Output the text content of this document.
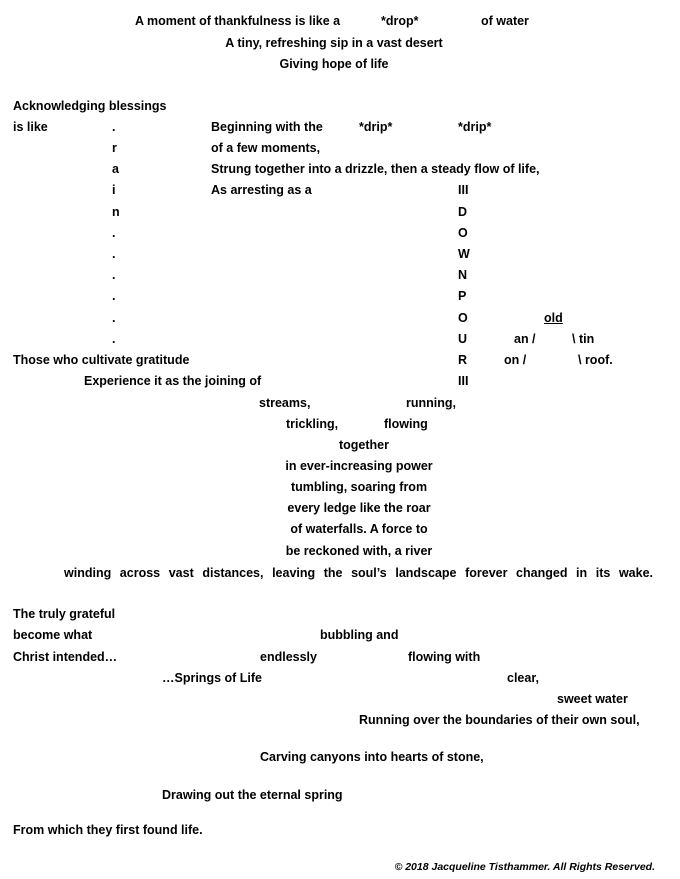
A moment of thankfulness is like a	*drop*	of water
A tiny, refreshing sip in a vast desert
Giving hope of life
Acknowledging blessings
is like	.
r
a
i
n
.
.
.
.
.
.
Beginning with the	*drip*	*drip*
of a few moments,
Strung together into a drizzle, then a steady flow of life,
As arresting as a	III
D
O
W
N
P
O
U
R
III
old
an /	\ tin
on /	\ roof.
Those who cultivate gratitude
Experience it as the joining of
streams,	running,
trickling,	flowing
together
in ever-increasing power
tumbling, soaring from
every ledge like the roar
of waterfalls. A force to
be reckoned with, a river
winding across vast distances, leaving the soul’s landscape forever changed in its wake.
The truly grateful
become what	bubbling and
Christ intended…	endlessly	flowing with
…Springs of Life	clear,
sweet water
Running over the boundaries of their own soul,
Carving canyons into hearts of stone,
Drawing out the eternal spring
From which they first found life.
© 2018 Jacqueline Tisthammer. All Rights Reserved.
